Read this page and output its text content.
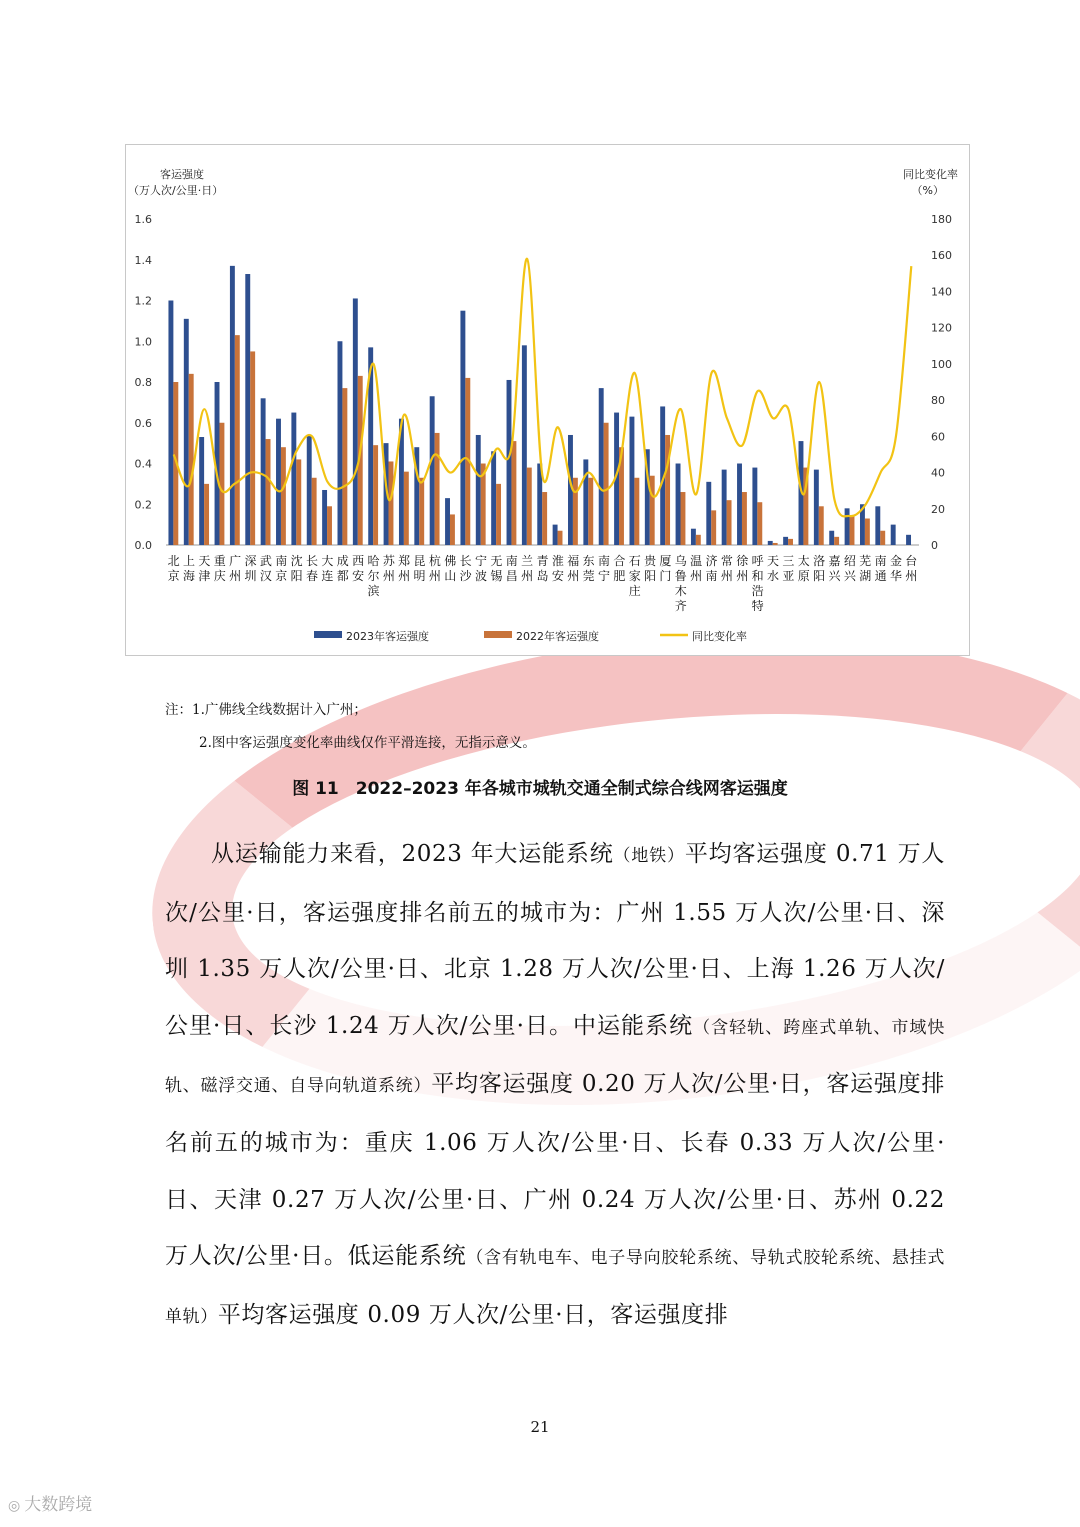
客运强度
（万人次/公里·日）
同比变化率
（%）
0.0
0.2
0.4
0.6
0.8
1.0
1.2
1.4
1.6
0
20
40
60
80
100
120
140
160
180
北
京
上
海
天
津
重
庆
广
州
深
圳
武
汉
南
京
沈
阳
长
春
大
连
成
都
西
安
哈
尔
滨
苏
州
郑
州
昆
明
杭
州
佛
山
长
沙
宁
波
无
锡
南
昌
兰
州
青
岛
淮
安
福
州
东
莞
南
宁
合
肥
石
家
庄
贵
阳
厦
门
乌
鲁
木
齐
温
州
济
南
常
州
徐
州
呼
和
浩
特
天
水
三
亚
太
原
洛
阳
嘉
兴
绍
兴
芜
湖
南
通
金
华
台
州
2023年客运强度	2022年客运强度	同比变化率
注：1.广佛线全线数据计入广州；
2.图中客运强度变化率曲线仅作平滑连接，无指示意义。
图 11　2022–2023 年各城市城轨交通全制式综合线网客运强度

从运输能力来看，2023 年大运能系统（地铁）平均客运强度 0.71 万人次/公里·日，客运强度排名前五的城市为：广州 1.55 万人次/公里·日、深圳 1.35 万人次/公里·日、北京 1.28 万人次/公里·日、上海 1.26 万人次/公里·日、长沙 1.24 万人次/公里·日。中运能系统（含轻轨、跨座式单轨、市域快轨、磁浮交通、自导向轨道系统）平均客运强度 0.20 万人次/公里·日，客运强度排名前五的城市为：重庆 1.06 万人次/公里·日、长春 0.33 万人次/公里·日、天津 0.27 万人次/公里·日、广州 0.24 万人次/公里·日、苏州 0.22 万人次/公里·日。低运能系统（含有轨电车、电子导向胶轮系统、导轨式胶轮系统、悬挂式单轨）平均客运强度 0.09 万人次/公里·日，客运强度排

21
◎ 大数跨境
